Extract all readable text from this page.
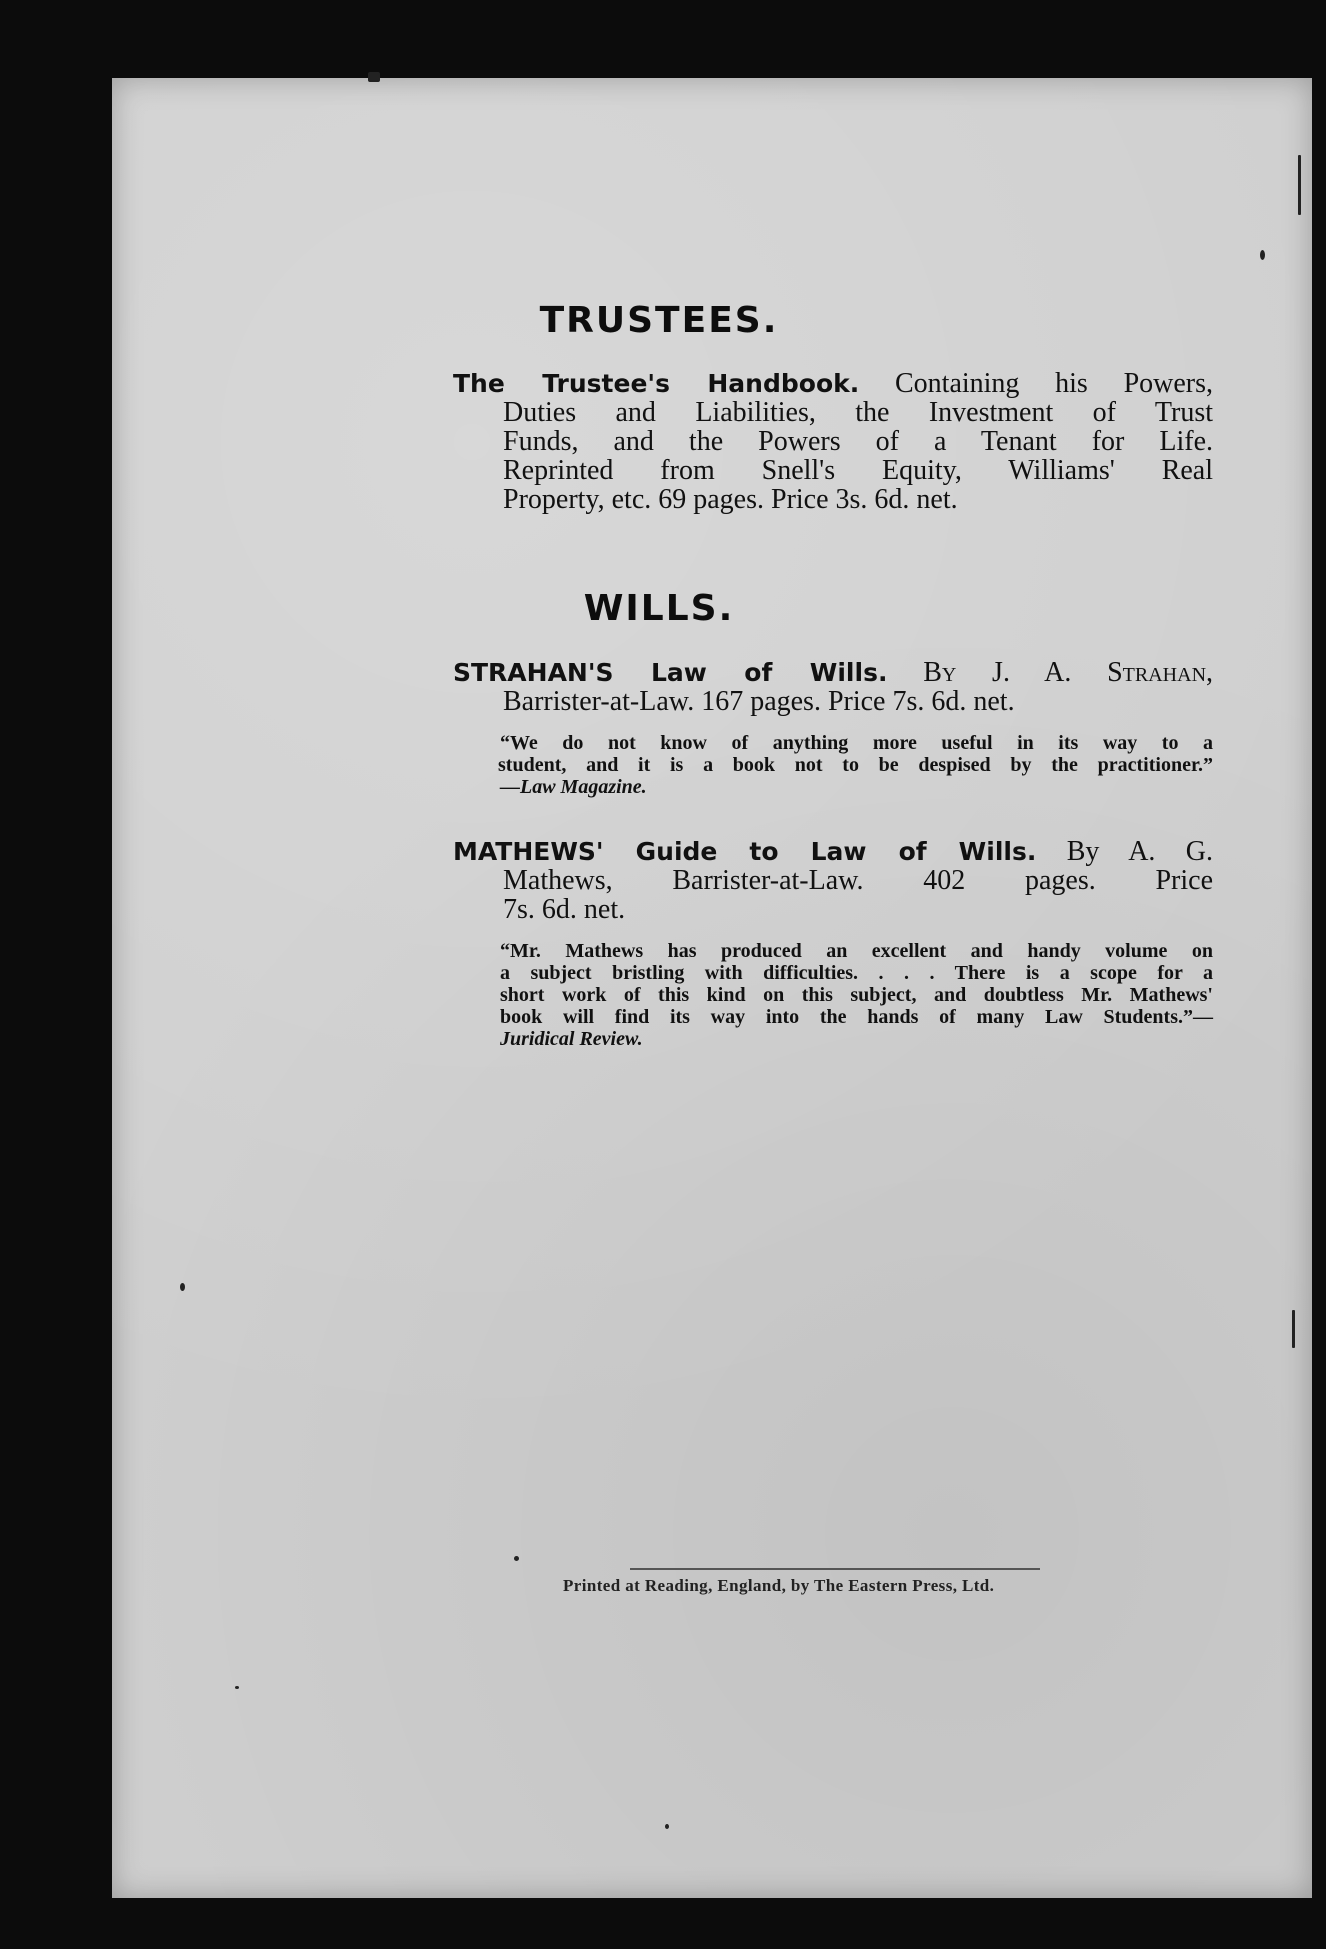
TRUSTEES.
The Trustee's Handbook. Containing his Powers,
Duties and Liabilities, the Investment of Trust
Funds, and the Powers of a Tenant for Life.
Reprinted from Snell's Equity, Williams' Real
Property, etc. 69 pages. Price 3s. 6d. net.
WILLS.
STRAHAN'S Law of Wills. By J. A. Strahan,
Barrister-at-Law. 167 pages. Price 7s. 6d. net.
“We do not know of anything more useful in its way to a
student, and it is a book not to be despised by the practitioner.”
—Law Magazine.
MATHEWS' Guide to Law of Wills. By A. G.
Mathews, Barrister-at-Law. 402 pages. Price
7s. 6d. net.
“Mr. Mathews has produced an excellent and handy volume on
a subject bristling with difficulties. . . . There is a scope for a
short work of this kind on this subject, and doubtless Mr. Mathews'
book will find its way into the hands of many Law Students.”—
Juridical Review.
Printed at Reading, England, by The Eastern Press, Ltd.
